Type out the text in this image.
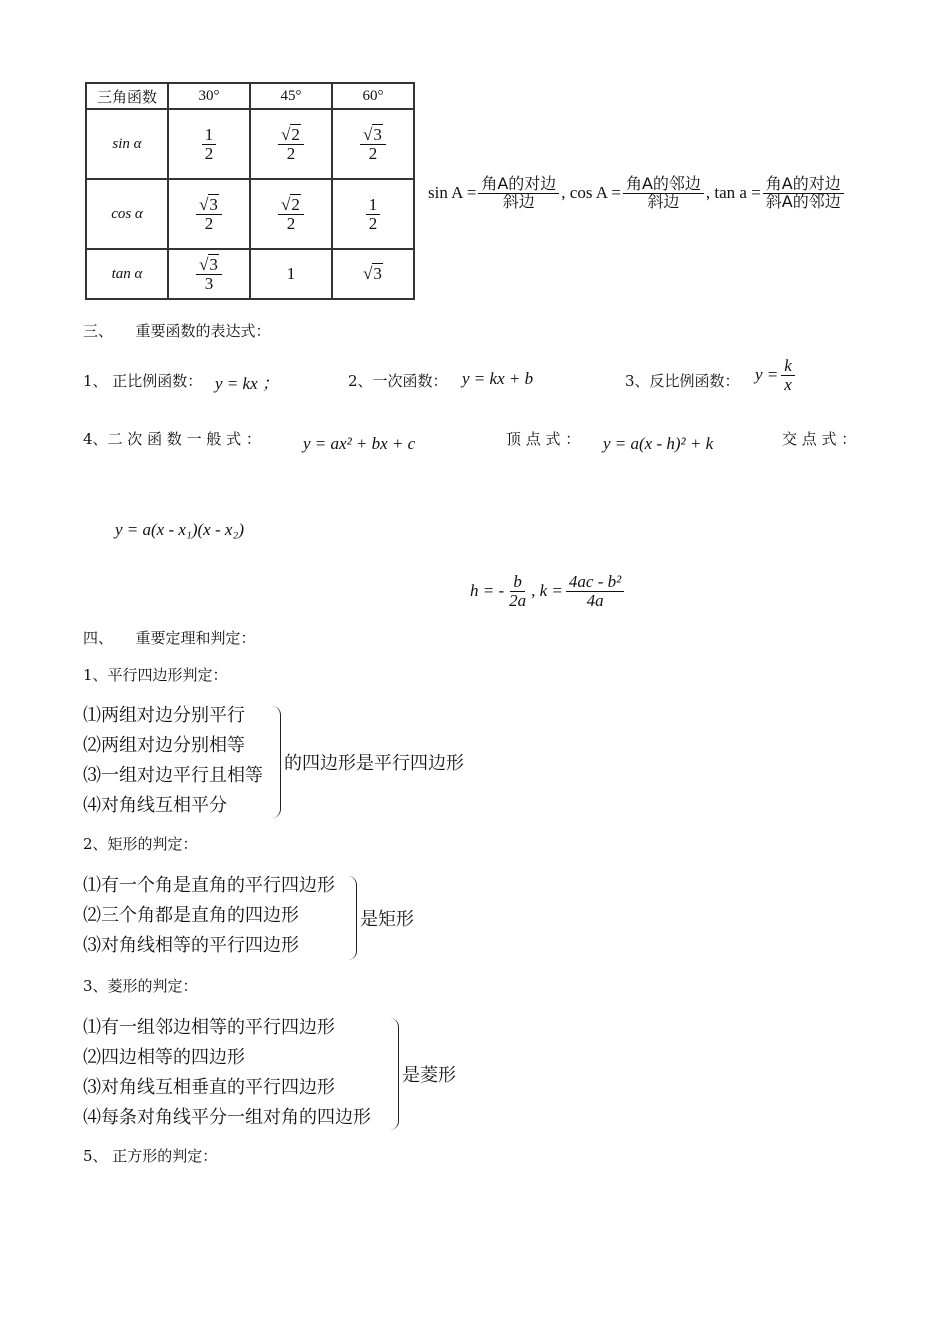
三角函数	30°	45°	60°
sin α	$\frac{1}{2}$	$\frac{√2}{2}$	$\frac{√3}{2}$

cos α	$\frac{√3}{2}$	$\frac{√2}{2}$	$\frac{1}{2}$

tan α	$\frac{√3}{3}$	1	√3
$\sin A = \frac{\text{角A的对边}}{\text{斜边}}$ , $\cos A = \frac{\text{角A的邻边}}{\text{斜边}}$ , $\tan a = \frac{\text{角A的对边}}{\text{斜A的邻边}}$
三、　　重要函数的表达式：
1、 正比例函数： y = kx ；	2、一次函数： y = kx + b	3、反比例函数： $y = \frac{k}{x}$
4、二 次 函 数 一 般 式 ： y = ax² + bx + c	顶 点 式 ： y = a(x - h)² + k	交 点 式 ：
y = a(x - x₁)(x - x₂)
h = - $\frac{b}{2a}$ , $k = \frac{\text{4ac - b²}}{4a}$
四、　　重要定理和判定：
1、平行四边形判定：
⑴两组对边分别平行
⑵两组对边分别相等
⑶一组对边平行且相等
⑷对角线互相平分
的四边形是平行四边形
2、矩形的判定：
⑴有一个角是直角的平行四边形
⑵三个角都是直角的四边形
⑶对角线相等的平行四边形
是矩形
3、菱形的判定：
⑴有一组邻边相等的平行四边形
⑵四边相等的四边形
⑶对角线互相垂直的平行四边形
⑷每条对角线平分一组对角的四边形
是菱形
5、 正方形的判定：
